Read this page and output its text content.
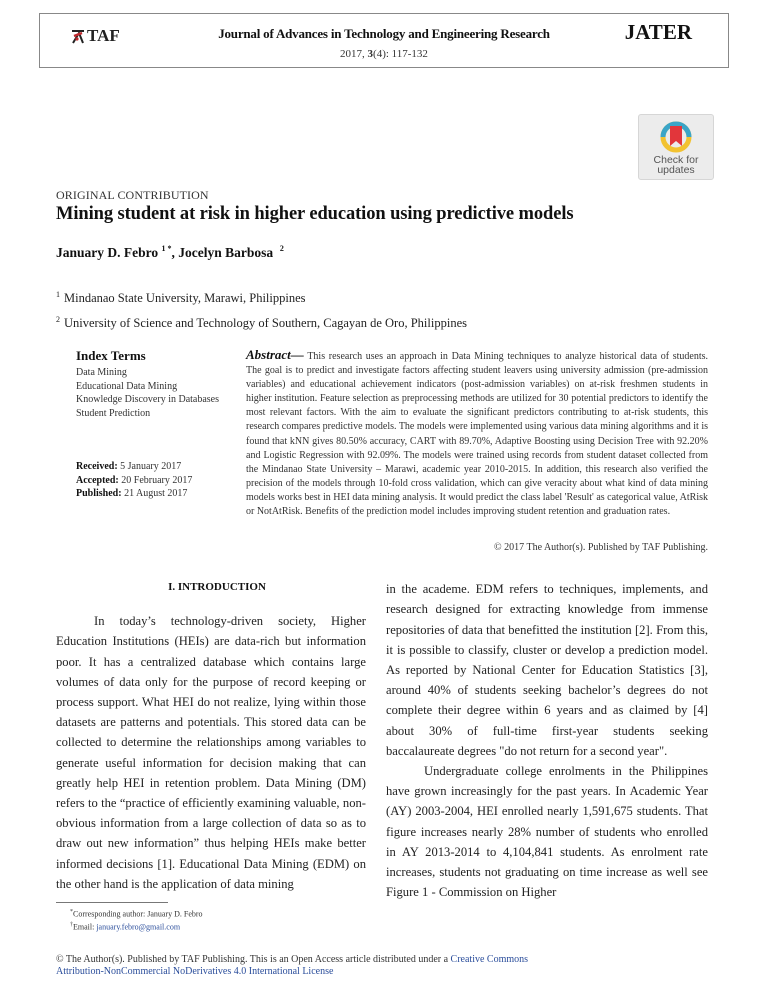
TAF	Journal of Advances in Technology and Engineering Research	JATER
2017, 3(4): 117-132
Check for
updates
ORIGINAL CONTRIBUTION
Mining student at risk in higher education using predictive models
January D. Febro $^{1 *}$, Jocelyn Barbosa $^2$
$^1$ Mindanao State University, Marawi, Philippines
$^2$ University of Science and Technology of Southern, Cagayan de Oro, Philippines
Index Terms
Data Mining
Educational Data Mining
Knowledge Discovery in Databases
Student Prediction
Received: 5 January 2017
Accepted: 20 February 2017
Published: 21 August 2017
Abstract— This research uses an approach in Data Mining techniques to analyze historical data of students. The goal is to predict and investigate factors affecting student leavers using university admission (pre-admission variables) and educational achievement indicators (post-admission variables) on at-risk freshmen students in higher institution. Feature selection as preprocessing methods are utilized for 30 potential predictors to identify the most relevant factors. With the aim to evaluate the significant predictors contributing to at-risk students, this research compares predictive models. The models were implemented using various data mining algorithms and it is found that kNN gives 80.50% accuracy, CART with 89.70%, Adaptive Boosting using Decision Tree with 92.20% and Logistic Regression with 92.09%. The models were trained using records from student dataset collected from the Mindanao State University – Marawi, academic year 2010-2015. In addition, this research also verified the precision of the models through 10-fold cross validation, which can give veracity about what kind of data mining models works best in HEI data mining analysis. It would predict the class label 'Result' as categorical value, AtRisk or NotAtRisk. Benefits of the prediction model includes improving student retention and graduation rates.
© 2017 The Author(s). Published by TAF Publishing.
I. INTRODUCTION

In today’s technology-driven society, Higher Education Institutions (HEIs) are data-rich but information poor. It has a centralized database which contains large volumes of data only for the purpose of record keeping or process support. What HEI do not realize, lying within those datasets are patterns and potentials. This stored data can be collected to determine the relationships among variables to generate useful information for decision making that can greatly help HEI in retention problem. Data Mining (DM) refers to the “practice of efficiently examining valuable, non-obvious information from a large collection of data so as to draw out new information” thus helping HEIs make better informed decisions [1]. Educational Data Mining (EDM) on the other hand is the application of data mining

*Corresponding author: January D. Febro
†Email: january.febro@gmail.com

in the academe. EDM refers to techniques, implements, and research designed for extracting knowledge from immense repositories of data that benefitted the institution [2]. From this, it is possible to classify, cluster or develop a prediction model. As reported by National Center for Education Statistics [3], around 40% of students seeking bachelor’s degrees do not complete their degree within 6 years and as claimed by [4] about 30% of full-time first-year students seeking baccalaureate degrees "do not return for a second year".

Undergraduate college enrolments in the Philippines have grown increasingly for the past years. In Academic Year (AY) 2003-2004, HEI enrolled nearly 1,591,675 students. That figure increases nearly 28% number of students who enrolled in AY 2013-2014 to 4,104,841 students. As enrolment rate increases, students not graduating on time increase as well see Figure 1 - Commission on Higher

© The Author(s). Published by TAF Publishing. This is an Open Access article distributed under a Creative Commons
Attribution-NonCommercial NoDerivatives 4.0 International License
